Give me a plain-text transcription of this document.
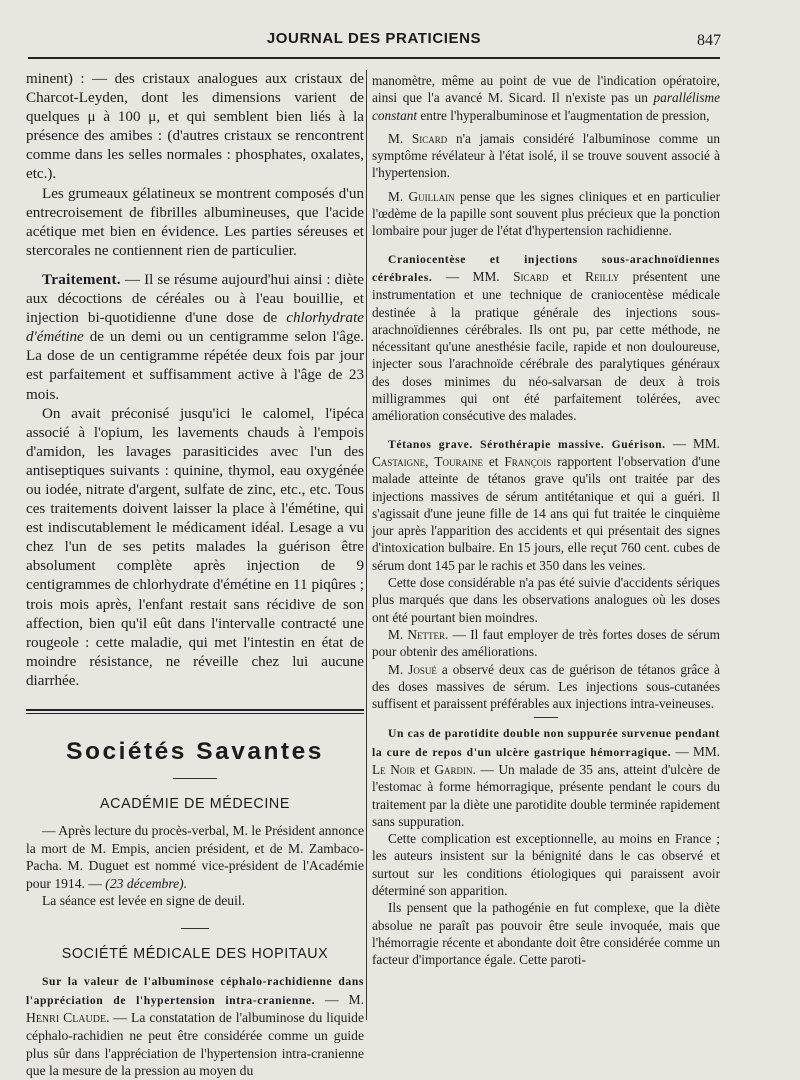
JOURNAL DES PRATICIENS	847

minent) : — des cristaux analogues aux cristaux de Charcot-Leyden, dont les dimensions varient de quelques μ à 100 μ, et qui semblent bien liés à la présence des amibes : (d'autres cristaux se rencontrent comme dans les selles normales : phosphates, oxalates, etc.).

Les grumeaux gélatineux se montrent composés d'un entrecroisement de fibrilles albumineuses, que l'acide acétique met bien en évidence. Les parties séreuses et stercorales ne contiennent rien de particulier.

Traitement. — Il se résume aujourd'hui ainsi : diète aux décoctions de céréales ou à l'eau bouillie, et injection bi-quotidienne d'une dose de chlorhydrate d'émétine de un demi ou un centigramme selon l'âge. La dose de un centigramme répétée deux fois par jour est parfaitement et suffisamment active à l'âge de 23 mois.

On avait préconisé jusqu'ici le calomel, l'ipéca associé à l'opium, les lavements chauds à l'empois d'amidon, les lavages parasiticides avec l'un des antiseptiques suivants : quinine, thymol, eau oxygénée ou iodée, nitrate d'argent, sulfate de zinc, etc., etc. Tous ces traitements doivent laisser la place à l'émétine, qui est indiscutablement le médicament idéal. Lesage a vu chez l'un de ses petits malades la guérison être absolument complète après injection de 9 centigrammes de chlorhydrate d'émétine en 11 piqûres ; trois mois après, l'enfant restait sans récidive de son affection, bien qu'il eût dans l'intervalle contracté une rougeole : cette maladie, qui met l'intestin en état de moindre résistance, ne réveille chez lui aucune diarrhée.

Sociétés Savantes
ACADÉMIE DE MÉDECINE

— Après lecture du procès-verbal, M. le Président annonce la mort de M. Empis, ancien président, et de M. Zambaco-Pacha. M. Duguet est nommé vice-président de l'Académie pour 1914. — (23 décembre).

La séance est levée en signe de deuil.

SOCIÉTÉ MÉDICALE DES HOPITAUX

Sur la valeur de l'albuminose céphalo-rachidienne dans l'appréciation de l'hypertension intra-cranienne. — M. Henri Claude. — La constatation de l'albuminose du liquide céphalo-rachidien ne peut être considérée comme un guide plus sûr dans l'appréciation de l'hypertension intra-cranienne que la mesure de la pression au moyen du

manomètre, même au point de vue de l'indication opératoire, ainsi que l'a avancé M. Sicard. Il n'existe pas un parallélisme constant entre l'hyperalbuminose et l'augmentation de pression,

M. Sicard n'a jamais considéré l'albuminose comme un symptôme révélateur à l'état isolé, il se trouve souvent associé à l'hypertension.

M. Guillain pense que les signes cliniques et en particulier l'œdème de la papille sont souvent plus précieux que la ponction lombaire pour juger de l'état d'hypertension rachidienne.

Craniocentèse et injections sous-arachnoïdiennes cérébrales. — MM. Sicard et Reilly présentent une instrumentation et une technique de craniocentèse médicale destinée à la pratique générale des injections sous-arachnoïdiennes cérébrales. Ils ont pu, par cette méthode, ne nécessitant qu'une anesthésie facile, rapide et non douloureuse, injecter sous l'arachnoïde cérébrale des paralytiques généraux des doses minimes du néo-salvarsan de deux à trois milligrammes qui ont été parfaitement tolérées, avec amélioration consécutive des malades.

Tétanos grave. Sérothérapie massive. Guérison. — MM. Castaigne, Touraine et François rapportent l'observation d'une malade atteinte de tétanos grave qu'ils ont traitée par des injections massives de sérum antitétanique et qui a guéri. Il s'agissait d'une jeune fille de 14 ans qui fut traitée le cinquième jour après l'apparition des accidents et qui présentait des signes d'intoxication bulbaire. En 15 jours, elle reçut 760 cent. cubes de sérum dont 145 par le rachis et 350 dans les veines.

Cette dose considérable n'a pas été suivie d'accidents sériques plus marqués que dans les observations analogues où les doses ont été pourtant bien moindres.

M. Netter. — Il faut employer de très fortes doses de sérum pour obtenir des améliorations.

M. Josué a observé deux cas de guérison de tétanos grâce à des doses massives de sérum. Les injections sous-cutanées suffisent et paraissent préférables aux injections intra-veineuses.

Un cas de parotidite double non suppurée survenue pendant la cure de repos d'un ulcère gastrique hémorragique. — MM. Le Noir et Gardin. — Un malade de 35 ans, atteint d'ulcère de l'estomac à forme hémorragique, présente pendant le cours du traitement par la diète une parotidite double terminée rapidement sans suppuration.

Cette complication est exceptionnelle, au moins en France ; les auteurs insistent sur la bénignité dans le cas observé et surtout sur les conditions étiologiques qui paraissent avoir déterminé son apparition.

Ils pensent que la pathogénie en fut complexe, que la diète absolue ne paraît pas pouvoir être seule invoquée, mais que l'hémorragie récente et abondante doit être considérée comme un facteur d'importance égale. Cette paroti-
